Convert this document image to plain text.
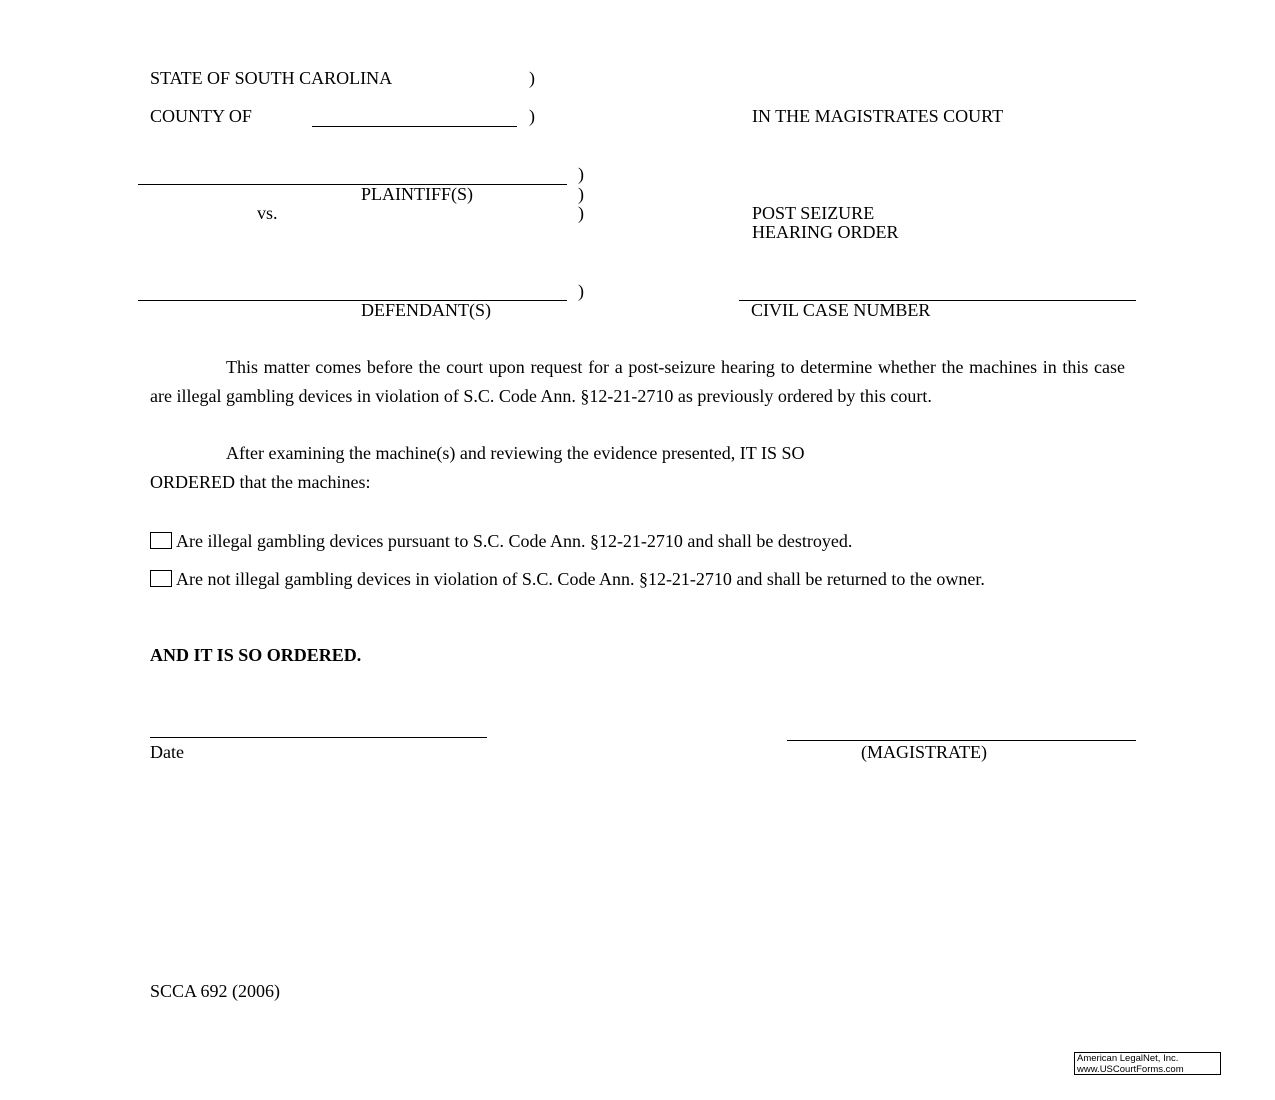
STATE OF SOUTH CAROLINA	)
COUNTY OF	)	IN THE MAGISTRATES COURT
)
PLAINTIFF(S)	)
vs.	)	POST SEIZURE
HEARING ORDER
)
DEFENDANT(S)	CIVIL CASE NUMBER
This matter comes before the court upon request for a post-seizure hearing to determine whether the machines in this case are illegal gambling devices in violation of S.C. Code Ann. §12-21-2710 as previously ordered by this court.
After examining the machine(s) and reviewing the evidence presented, IT IS SO
ORDERED that the machines:
Are illegal gambling devices pursuant to S.C. Code Ann. §12-21-2710 and shall be destroyed.
Are not illegal gambling devices in violation of S.C. Code Ann. §12-21-2710 and shall be returned to the owner.
AND IT IS SO ORDERED.
Date	(MAGISTRATE)
SCCA 692 (2006)
American LegalNet, Inc.
www.USCourtForms.com
